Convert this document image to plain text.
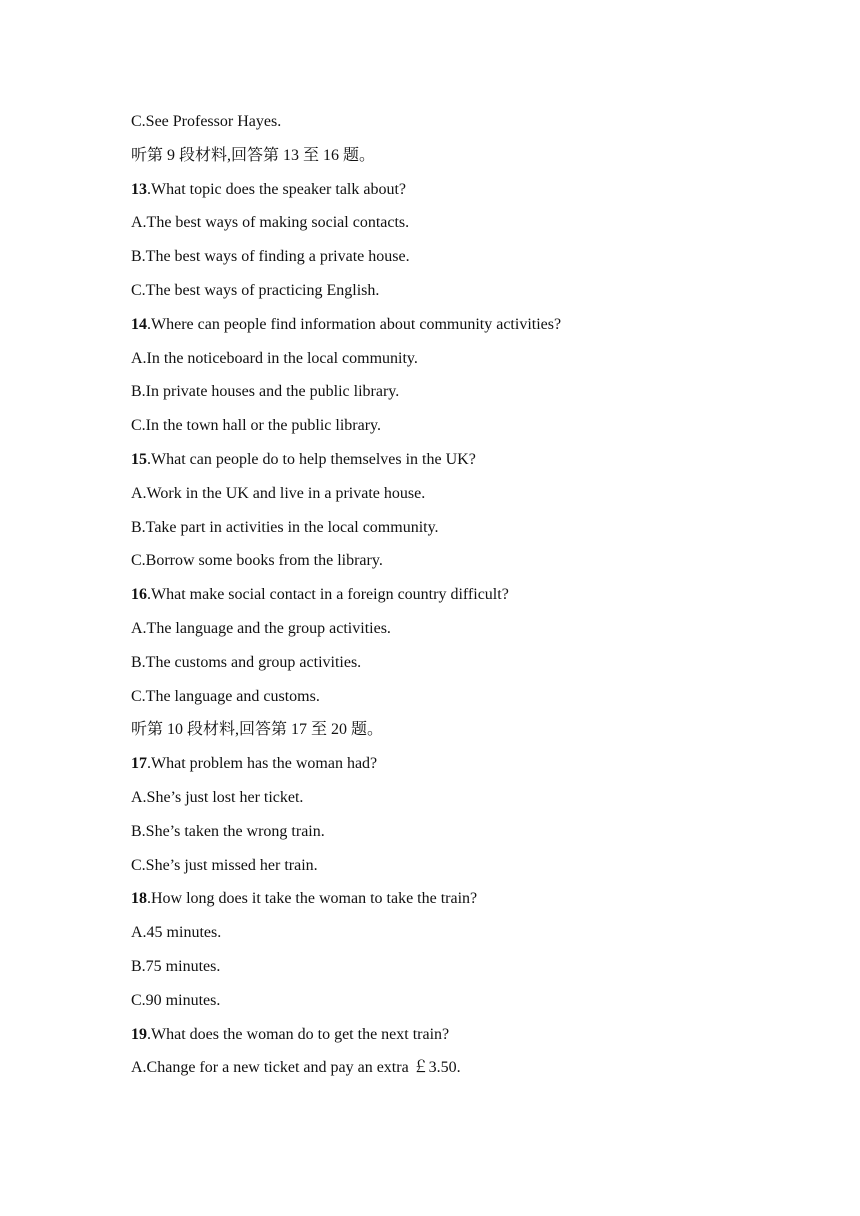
C.See Professor Hayes.
听第 9 段材料,回答第 13 至 16 题。
13.What topic does the speaker talk about?
A.The best ways of making social contacts.
B.The best ways of finding a private house.
C.The best ways of practicing English.
14.Where can people find information about community activities?
A.In the noticeboard in the local community.
B.In private houses and the public library.
C.In the town hall or the public library.
15.What can people do to help themselves in the UK?
A.Work in the UK and live in a private house.
B.Take part in activities in the local community.
C.Borrow some books from the library.
16.What make social contact in a foreign country difficult?
A.The language and the group activities.
B.The customs and group activities.
C.The language and customs.
听第 10 段材料,回答第 17 至 20 题。
17.What problem has the woman had?
A.She’s just lost her ticket.
B.She’s taken the wrong train.
C.She’s just missed her train.
18.How long does it take the woman to take the train?
A.45 minutes.
B.75 minutes.
C.90 minutes.
19.What does the woman do to get the next train?
A.Change for a new ticket and pay an extra ￡3.50.
